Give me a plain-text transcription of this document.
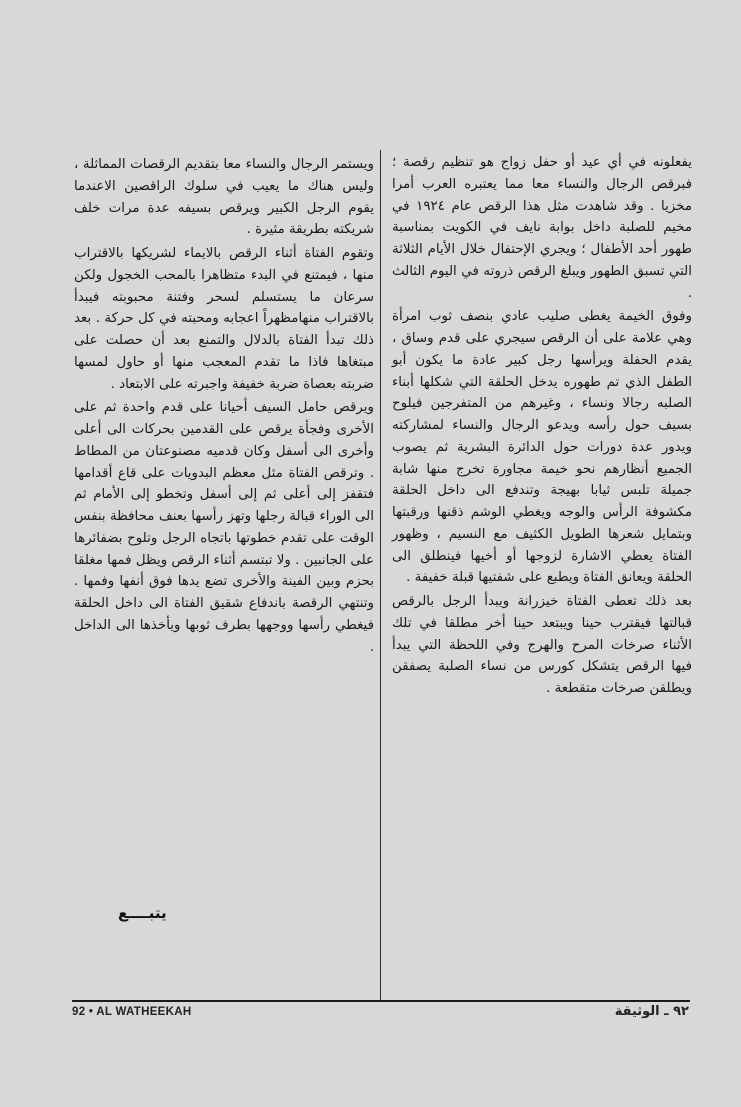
يفعلونه في أي عيد أو حفل زواج هو تنظيم رقصة ؛ فبرقص الرجال والنساء معا مما يعتبره العرب أمرا مخزيا . وقد شاهدت مثل هذا الرقص عام ١٩٢٤ في مخيم للصلبة داخل بوابة نايف في الكويت بمناسبة طهور أحد الأطفال ؛ ويجري الإحتفال خلال الأيام الثلاثة التي تسبق الطهور ويبلغ الرقص ذروته في اليوم الثالث .

وفوق الخيمة يغطى صليب عادي بنصف ثوب امرأة وهي علامة على أن الرقص سيجري على قدم وساق ، يقدم الحفلة ويرأسها رجل كبير عادة ما يكون أبو الطفل الذي تم طهوره يدخل الحلقة التي شكلها أبناء الصلبه رجالا ونساء ، وغيرهم من المتفرجين فيلوح بسيف حول رأسه ويدعو الرجال والنساء لمشاركته ويدور عدة دورات حول الدائرة البشرية ثم يصوب الجميع أنظارهم نحو خيمة مجاورة تخرج منها شابة جميلة تلبس ثيابا بهيجة وتندفع الى داخل الحلقة مكشوفة الرأس والوجه ويغطي الوشم ذقنها ورقبتها وبتمايل شعرها الطويل الكثيف مع النسيم ، وظهور الفتاة يعطي الاشارة لزوجها أو أخيها فينطلق الى الحلقة ويعانق الفتاة ويطبع على شفتيها قبلة خفيفة .

بعد ذلك تعطى الفتاة خيزرانة ويبدأ الرجل بالرقص قبالتها فيقترب حينا ويبتعد حينا أخر مطلقا في تلك الأثناء صرخات المرح والهرج وفي اللحظة التي يبدأ فيها الرقص يتشكل كورس من نساء الصلبة يصفقن ويطلقن صرخات متقطعة .

ويستمر الرجال والنساء معا بتقديم الرقصات المماثلة ، وليس هناك ما يعيب في سلوك الراقصين الاعندما يقوم الرجل الكبير ويرقص بسيفه عدة مرات خلف شريكته بطريقة مثيرة .

وتقوم الفتاة أثناء الرقص بالايماء لشريكها بالاقتراب منها ، فيمتنع في البدء متظاهرا بالمحب الخجول ولكن سرعان ما يستسلم لسحر وفتنة محبوبته فيبدأ بالاقتراب منهامظهراً اعجابه ومحبته في كل حركة . بعد ذلك تبدأ الفتاة بالدلال والتمنع بعد أن حصلت على مبتغاها فاذا ما تقدم المعجب منها أو حاول لمسها ضربته بعصاة ضربة خفيفة واجبرته على الابتعاد .

ويرقص حامل السيف أحيانا على قدم واحدة ثم على الأخرى وفجأة يرقص على القدمين بحركات الى أعلى وأخرى الى أسفل وكان قدميه مصنوعتان من المطاط . وترقص الفتاة مثل معظم البدويات على قاع أقدامها فتقفز إلى أعلى ثم إلى أسفل وتخطو إلى الأمام ثم الى الوراء قبالة رجلها وتهز رأسها بعنف محافظة بنفس الوقت على تقدم خطوتها باتجاه الرجل وتلوح بضفائرها على الجانبين . ولا تبتسم أثناء الرقص ويظل فمها مغلقا بحزم وبين الفينة والأخرى تضع يدها فوق أنفها وفمها . وتنتهي الرقصة باندفاع شقيق الفتاة الى داخل الحلقة فيغطي رأسها ووجهها بطرف ثوبها ويأخذها الى الداخل .

يتبــــع
92 • AL WATHEEKAH	٩٢ ـ الوثيقة
